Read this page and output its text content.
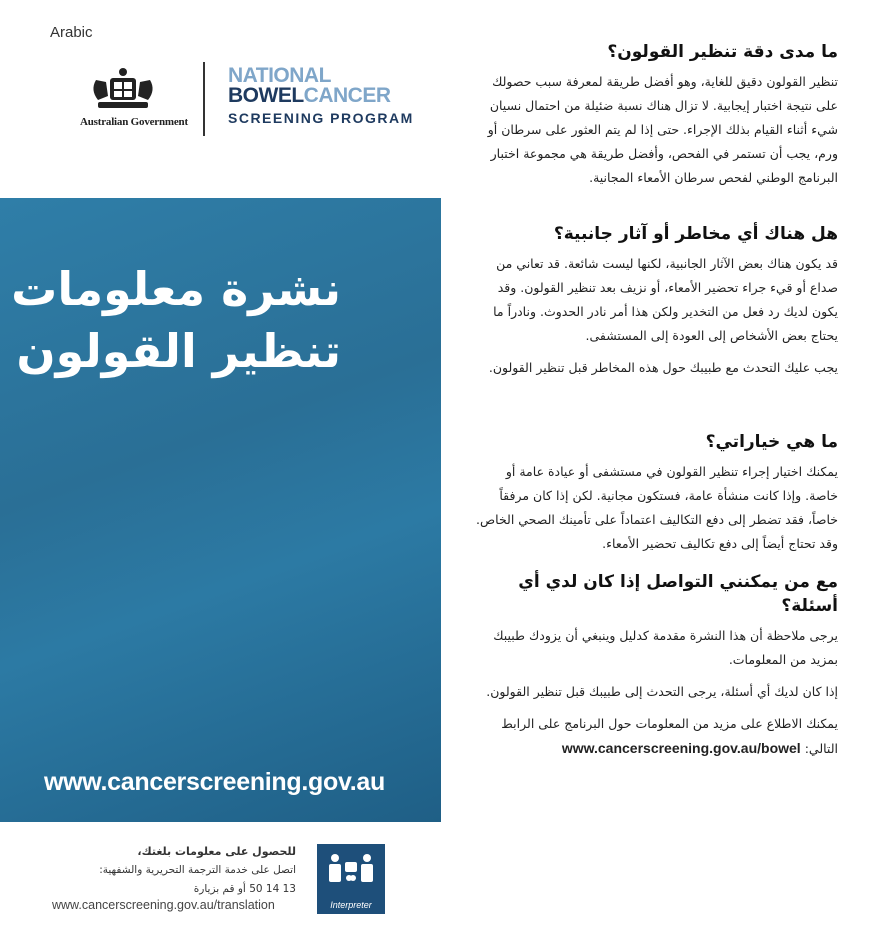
Arabic
Australian Government
NATIONAL
BOWELCANCER
SCREENING PROGRAM
نشرة معلومات
تنظير القولون
www.cancerscreening.gov.au
ما مدى دقة تنظير القولون؟

تنظير القولون دقيق للغاية، وهو أفضل طريقة لمعرفة سبب حصولك على نتيجة اختبار إيجابية. لا تزال هناك نسبة ضئيلة من احتمال نسيان شيء أثناء القيام بذلك الإجراء. حتى إذا لم يتم العثور على سرطان أو ورم، يجب أن تستمر في الفحص، وأفضل طريقة هي مجموعة اختبار البرنامج الوطني لفحص سرطان الأمعاء المجانية.

هل هناك أي مخاطر أو آثار جانبية؟

قد يكون هناك بعض الآثار الجانبية، لكنها ليست شائعة. قد تعاني من صداع أو قيء جراء تحضير الأمعاء، أو نزيف بعد تنظير القولون. وقد يكون لديك رد فعل من التخدير ولكن هذا أمر نادر الحدوث. ونادراً ما يحتاج بعض الأشخاص إلى العودة إلى المستشفى.

يجب عليك التحدث مع طبيبك حول هذه المخاطر قبل تنظير القولون.

ما هي خياراتي؟

يمكنك اختيار إجراء تنظير القولون في مستشفى أو عيادة عامة أو خاصة. وإذا كانت منشأة عامة، فستكون مجانية. لكن إذا كان مرفقاً خاصاً، فقد تضطر إلى دفع التكاليف اعتماداً على تأمينك الصحي الخاص. وقد تحتاج أيضاً إلى دفع تكاليف تحضير الأمعاء.

مع من يمكنني التواصل إذا كان لدي أي أسئلة؟

يرجى ملاحظة أن هذا النشرة مقدمة كدليل وينبغي أن يزودك طبيبك بمزيد من المعلومات.

إذا كان لديك أي أسئلة، يرجى التحدث إلى طبيبك قبل تنظير القولون.

يمكنك الاطلاع على مزيد من المعلومات حول البرنامج على الرابط التالي: www.cancerscreening.gov.au/bowel

للحصول على معلومات بلغتك،
اتصل على خدمة الترجمة التحريرية والشفهية:
13 14 50 أو قم بزيارة
www.cancerscreening.gov.au/translation	Interpreter
